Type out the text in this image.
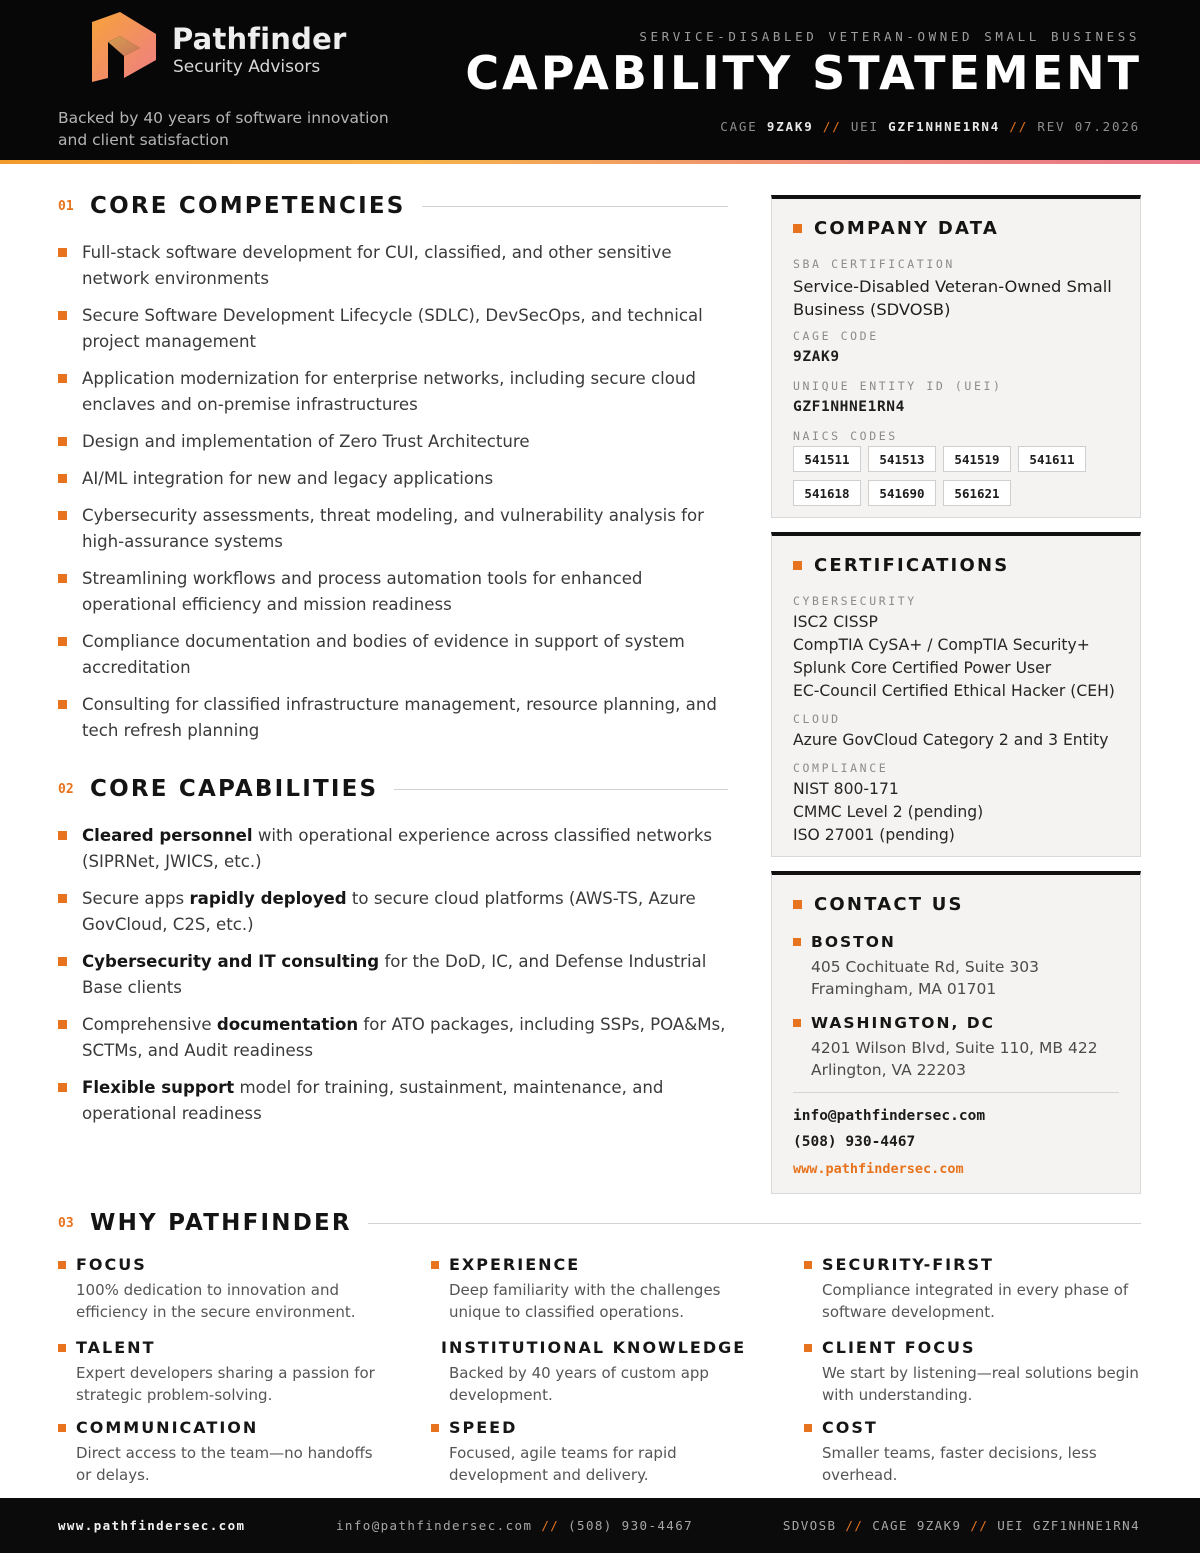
Pathfinder
Security Advisors
Backed by 40 years of software innovation and client satisfaction
SERVICE-DISABLED VETERAN-OWNED SMALL BUSINESS
CAPABILITY STATEMENT
CAGE 9ZAK9 // UEI GZF1NHNE1RN4 // REV 07.2026
01 CORE COMPETENCIES
Full-stack software development for CUI, classified, and other sensitive network environments
Secure Software Development Lifecycle (SDLC), DevSecOps, and technical project management
Application modernization for enterprise networks, including secure cloud enclaves and on-premise infrastructures
Design and implementation of Zero Trust Architecture
AI/ML integration for new and legacy applications
Cybersecurity assessments, threat modeling, and vulnerability analysis for high-assurance systems
Streamlining workflows and process automation tools for enhanced operational efficiency and mission readiness
Compliance documentation and bodies of evidence in support of system accreditation
Consulting for classified infrastructure management, resource planning, and tech refresh planning
02 CORE CAPABILITIES
Cleared personnel with operational experience across classified networks (SIPRNet, JWICS, etc.)
Secure apps rapidly deployed to secure cloud platforms (AWS-TS, Azure GovCloud, C2S, etc.)
Cybersecurity and IT consulting for the DoD, IC, and Defense Industrial Base clients
Comprehensive documentation for ATO packages, including SSPs, POA&Ms, SCTMs, and Audit readiness
Flexible support model for training, sustainment, maintenance, and operational readiness
COMPANY DATA
SBA CERTIFICATION
Service-Disabled Veteran-Owned Small Business (SDVOSB)
CAGE CODE
9ZAK9
UNIQUE ENTITY ID (UEI)
GZF1NHNE1RN4
NAICS CODES
541511	541513	541519	541611
541618	541690	561621
CERTIFICATIONS
CYBERSECURITY
ISC2 CISSP
CompTIA CySA+ / CompTIA Security+
Splunk Core Certified Power User
EC-Council Certified Ethical Hacker (CEH)
CLOUD
Azure GovCloud Category 2 and 3 Entity
COMPLIANCE
NIST 800-171
CMMC Level 2 (pending)
ISO 27001 (pending)
CONTACT US
BOSTON
405 Cochituate Rd, Suite 303
Framingham, MA 01701
WASHINGTON, DC
4201 Wilson Blvd, Suite 110, MB 422
Arlington, VA 22203
info@pathfindersec.com
(508) 930-4467
www.pathfindersec.com
03 WHY PATHFINDER
FOCUS
100% dedication to innovation and efficiency in the secure environment.
EXPERIENCE
Deep familiarity with the challenges unique to classified operations.
SECURITY-FIRST
Compliance integrated in every phase of software development.
TALENT
Expert developers sharing a passion for strategic problem-solving.
INSTITUTIONAL KNOWLEDGE
Backed by 40 years of custom app development.
CLIENT FOCUS
We start by listening—real solutions begin with understanding.
COMMUNICATION
Direct access to the team—no handoffs or delays.
SPEED
Focused, agile teams for rapid development and delivery.
COST
Smaller teams, faster decisions, less overhead.
www.pathfindersec.com	info@pathfindersec.com // (508) 930-4467	SDVOSB // CAGE 9ZAK9 // UEI GZF1NHNE1RN4
